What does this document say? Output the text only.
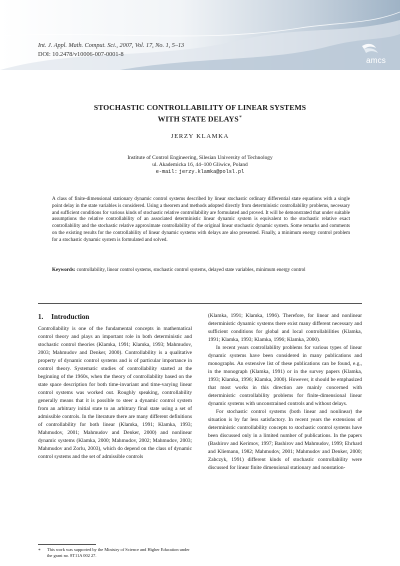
Int. J. Appl. Math. Comput. Sci., 2007, Vol. 17, No. 1, 5–13
DOI: 10.2478/v10006-007-0001-8
amcs
STOCHASTIC CONTROLLABILITY OF LINEAR SYSTEMS
WITH STATE DELAYS∗
JERZY KLAMKA
Institute of Control Engineering, Silesian University of Technology
ul. Akademicka 16, 44–100 Gliwice, Poland
e-mail: jerzy.klamka@polsl.pl
A class of finite-dimensional stationary dynamic control systems described by linear stochastic ordinary differential state equations with a single point delay in the state variables is considered. Using a theorem and methods adopted directly from deterministic controllability problems, necessary and sufficient conditions for various kinds of stochastic relative controllability are formulated and proved. It will be demonstrated that under suitable assumptions the relative controllability of an associated deterministic linear dynamic system is equivalent to the stochastic relative exact controllability and the stochastic relative approximate controllability of the original linear stochastic dynamic system. Some remarks and comments on the existing results for the controllability of linear dynamic systems with delays are also presented. Finally, a minimum energy control problem for a stochastic dynamic system is formulated and solved.
Keywords: controllability, linear control systems, stochastic control systems, delayed state variables, minimum energy control
1. Introduction

Controllability is one of the fundamental concepts in mathematical control theory and plays an important role in both deterministic and stochastic control theories (Klamka, 1991; Klamka, 1993; Mahmudov, 2003; Mahmudov and Denker, 2000). Controllability is a qualitative property of dynamic control systems and is of particular importance in control theory. Systematic studies of controllability started at the beginning of the 1960s, when the theory of controllability based on the state space description for both time-invariant and time-varying linear control systems was worked out. Roughly speaking, controllability generally means that it is possible to steer a dynamic control system from an arbitrary initial state to an arbitrary final state using a set of admissible controls. In the literature there are many different definitions of controllability for both linear (Klamka, 1991; Klamka, 1993; Mahmudov, 2001; Mahmudov and Denker, 2000) and nonlinear dynamic systems (Klamka, 2000; Mahmudov, 2002; Mahmudov, 2003; Mahmudov and Zorlu, 2003), which do depend on the class of dynamic control systems and the set of admissible controls

(Klamka, 1991; Klamka, 1996). Therefore, for linear and nonlinear deterministic dynamic systems there exist many different necessary and sufficient conditions for global and local controllabilities (Klamka, 1991; Klamka, 1993; Klamka, 1996; Klamka, 2000).

In recent years controllability problems for various types of linear dynamic systems have been considered in many publications and monographs. An extensive list of these publications can be found, e.g., in the monograph (Klamka, 1991) or in the survey papers (Klamka, 1993; Klamka, 1996; Klamka, 2000). However, it should be emphasized that most works in this direction are mainly concerned with deterministic controllability problems for finite-dimensional linear dynamic systems with unconstrained controls and without delays.

For stochastic control systems (both linear and nonlinear) the situation is by far less satisfactory. In recent years the extensions of deterministic controllability concepts to stochastic control systems have been discussed only in a limited number of publications. In the papers (Bashirov and Kerimov, 1997; Bashirov and Mahmudov, 1999; Ehrhard and Kliemann, 1982; Mahmudov, 2001; Mahmudov and Denker, 2000; Zabczyk, 1991) different kinds of stochastic controllability were discussed for linear finite dimensional stationary and nonstation-

∗ This work was supported by the Ministry of Science and Higher Education under the grant no. 8T11A 002 27.
